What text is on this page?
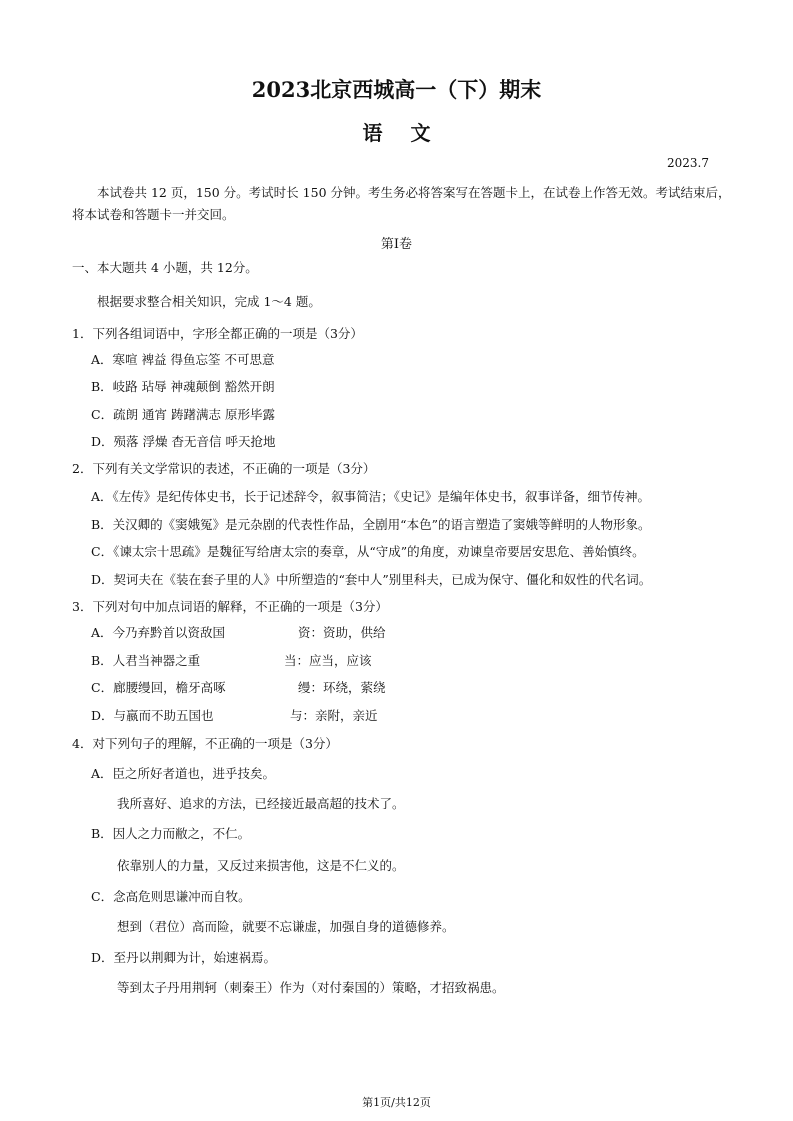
2023北京西城高一（下）期末
语文
2023.7
本试卷共 12 页，150 分。考试时长 150 分钟。考生务必将答案写在答题卡上，在试卷上作答无效。考试结束后，将本试卷和答题卡一并交回。
第Ⅰ卷
一、本大题共 4 小题，共 12分。
根据要求整合相关知识，完成 1～4 题。
1．下列各组词语中，字形全都正确的一项是（3分）
A．寒喧 裨益 得鱼忘筌 不可思意
B．岐路 玷辱 神魂颠倒 豁然开朗
C．疏朗 通宵 踌躇满志 原形毕露
D．殒落 浮燥 杳无音信 呼天抢地
2．下列有关文学常识的表述，不正确的一项是（3分）
A．《左传》是纪传体史书，长于记述辞令，叙事简洁；《史记》是编年体史书，叙事详备，细节传神。
B．关汉卿的《窦娥冤》是元杂剧的代表性作品，全剧用“本色”的语言塑造了窦娥等鲜明的人物形象。
C．《谏太宗十思疏》是魏征写给唐太宗的奏章，从“守成”的角度，劝谏皇帝要居安思危、善始慎终。
D．契诃夫在《装在套子里的人》中所塑造的“套中人”别里科夫，已成为保守、僵化和奴性的代名词。
3．下列对句中加点词语的解释，不正确的一项是（3分）
A．今乃弃黔首以资敌国	资：资助，供给
B．人君当神器之重	当：应当，应该
C．廊腰缦回，檐牙高啄	缦：环绕，萦绕
D．与嬴而不助五国也	与：亲附，亲近
4．对下列句子的理解，不正确的一项是（3分）
A．臣之所好者道也，进乎技矣。
我所喜好、追求的方法，已经接近最高超的技术了。
B．因人之力而敝之，不仁。
依靠别人的力量，又反过来损害他，这是不仁义的。
C．念高危则思谦冲而自牧。
想到（君位）高而险，就要不忘谦虚，加强自身的道德修养。
D．至丹以荆卿为计，始速祸焉。
等到太子丹用荆轲（刺秦王）作为（对付秦国的）策略，才招致祸患。
第1页/共12页
